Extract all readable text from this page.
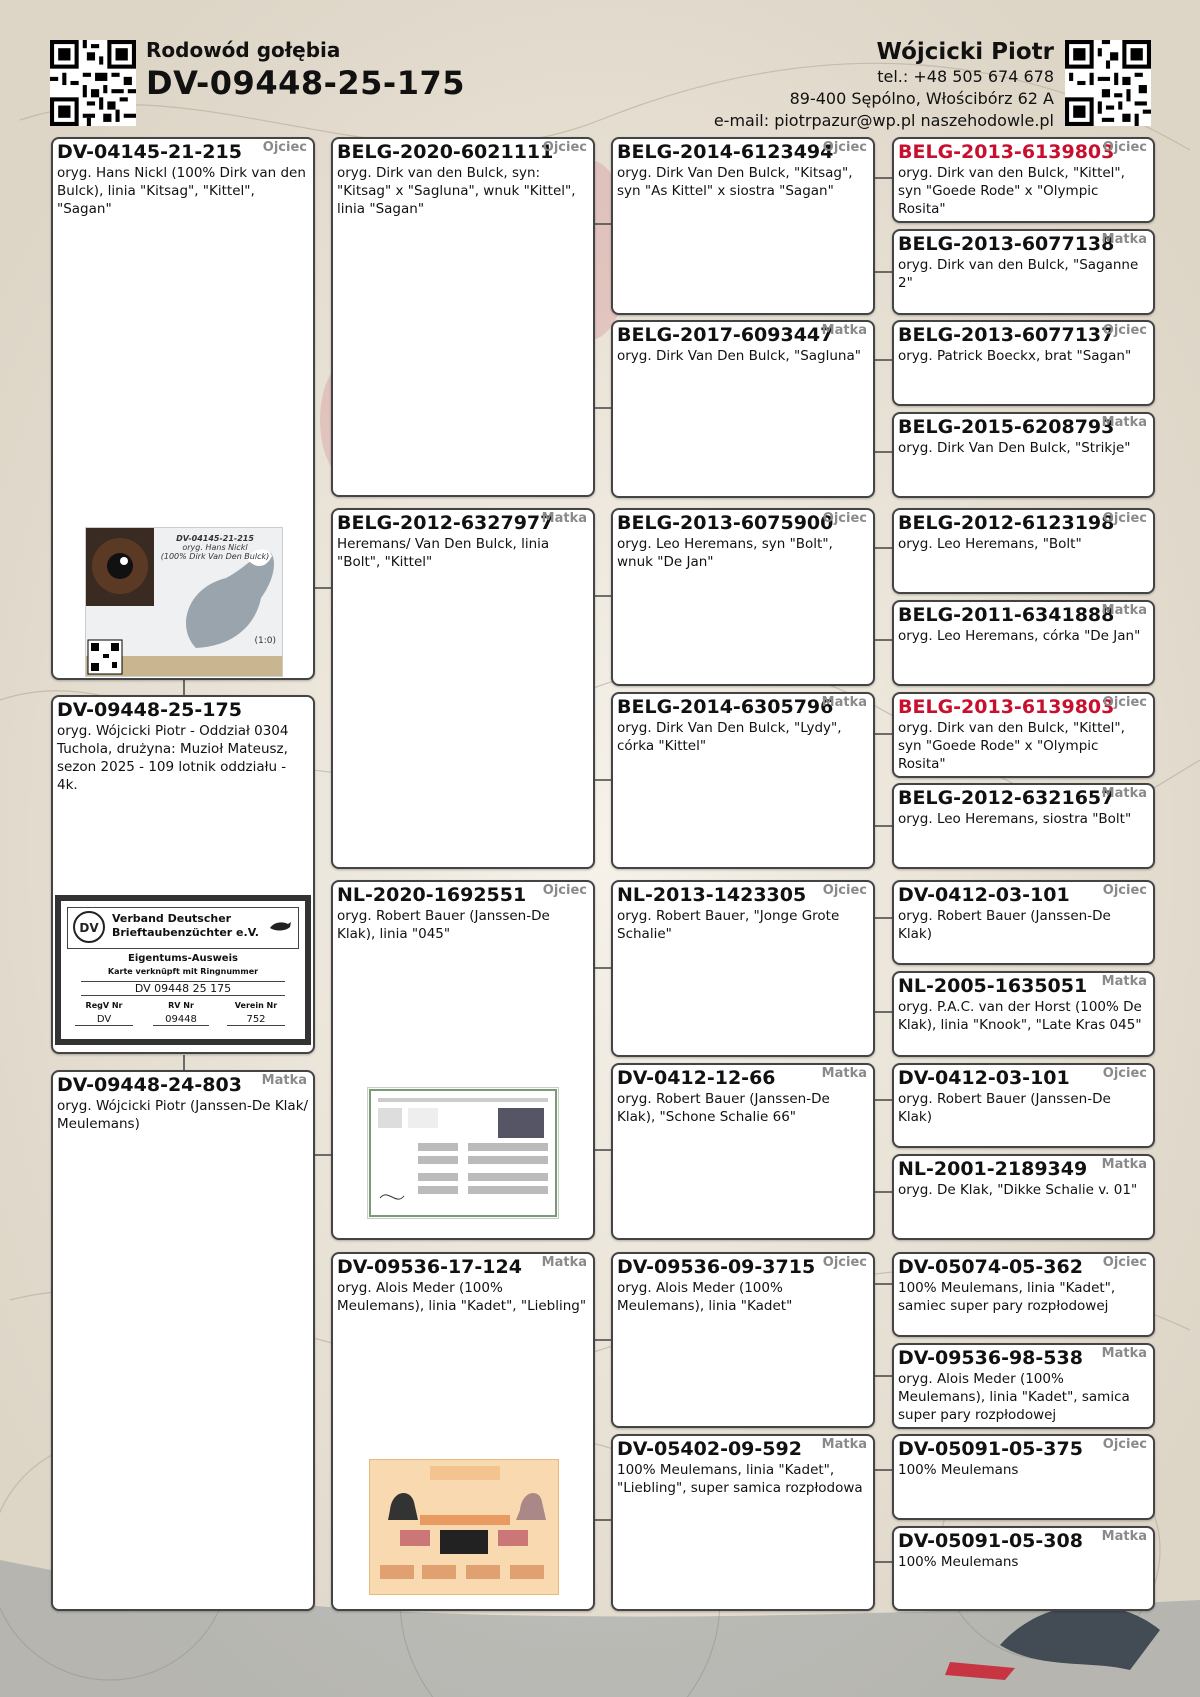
Rodowód gołębia
DV-09448-25-175
Wójcicki Piotr
tel.: +48 505 674 678
89-400 Sępólno, Włościbórz 62 A
e-mail: piotrpazur@wp.pl naszehodowle.pl
DV-04145-21-215	Ojciec
oryg. Hans Nickl (100% Dirk van den Bulck), linia "Kitsag", "Kittel", "Sagan"
DV-04145-21-215
oryg. Hans Nickl
(100% Dirk Van Den Bulck)
(1:0)
DV-09448-25-175
oryg. Wójcicki Piotr - Oddział 0304 Tuchola, drużyna: Muzioł Mateusz, sezon 2025 - 109 lotnik oddziału - 4k.
DV
Verband Deutscher
Brieftaubenzüchter e.V.
Eigentums-Ausweis
Karte verknüpft mit Ringnummer
DV 09448 25 175
RegV Nr	RV Nr	Verein Nr
DV	09448	752
DV-09448-24-803	Matka
oryg. Wójcicki Piotr (Janssen-De Klak/ Meulemans)
BELG-2020-6021111
Ojciec
oryg. Dirk van den Bulck, syn: "Kitsag" x "Sagluna", wnuk "Kittel", linia "Sagan"
BELG-2012-6327977
Matka
Heremans/ Van Den Bulck, linia "Bolt", "Kittel"
NL-2020-1692551	Ojciec
oryg. Robert Bauer (Janssen-De Klak), linia "045"
DV-09536-17-124	Matka
oryg. Alois Meder (100% Meulemans), linia "Kadet", "Liebling"
BELG-2014-6123494
Ojciec
oryg. Dirk Van Den Bulck, "Kitsag", syn "As Kittel" x siostra "Sagan"
BELG-2017-6093447
Matka
oryg. Dirk Van Den Bulck, "Sagluna"
BELG-2013-6075900
Ojciec
oryg. Leo Heremans, syn "Bolt", wnuk "De Jan"
BELG-2014-6305796
Matka
oryg. Dirk Van Den Bulck, "Lydy", córka "Kittel"
NL-2013-1423305	Ojciec
oryg. Robert Bauer, "Jonge Grote Schalie"
DV-0412-12-66	Matka
oryg. Robert Bauer (Janssen-De Klak), "Schone Schalie 66"
DV-09536-09-3715 Ojciec
oryg. Alois Meder (100% Meulemans), linia "Kadet"
DV-05402-09-592	Matka
100% Meulemans, linia "Kadet", "Liebling", super samica rozpłodowa
BELG-2013-6139803
Ojciec
oryg. Dirk van den Bulck, "Kittel", syn "Goede Rode" x "Olympic Rosita"
BELG-2013-6077138
Matka
oryg. Dirk van den Bulck, "Saganne 2"
BELG-2013-6077137
Ojciec
oryg. Patrick Boeckx, brat "Sagan"
BELG-2015-6208793
Matka
oryg. Dirk Van Den Bulck, "Strikje"
BELG-2012-6123198
Ojciec
oryg. Leo Heremans, "Bolt"
BELG-2011-6341888
Matka
oryg. Leo Heremans, córka "De Jan"
BELG-2013-6139803
Ojciec
oryg. Dirk van den Bulck, "Kittel", syn "Goede Rode" x "Olympic Rosita"
BELG-2012-6321657
Matka
oryg. Leo Heremans, siostra "Bolt"
DV-0412-03-101	Ojciec
oryg. Robert Bauer (Janssen-De Klak)
NL-2005-1635051	Matka
oryg. P.A.C. van der Horst (100% De Klak), linia "Knook", "Late Kras 045"
DV-0412-03-101	Ojciec
oryg. Robert Bauer (Janssen-De Klak)
NL-2001-2189349	Matka
oryg. De Klak, "Dikke Schalie v. 01"
DV-05074-05-362	Ojciec
100% Meulemans, linia "Kadet", samiec super pary rozpłodowej
DV-09536-98-538	Matka
oryg. Alois Meder (100% Meulemans), linia "Kadet", samica super pary rozpłodowej
DV-05091-05-375	Ojciec
100% Meulemans
DV-05091-05-308	Matka
100% Meulemans
